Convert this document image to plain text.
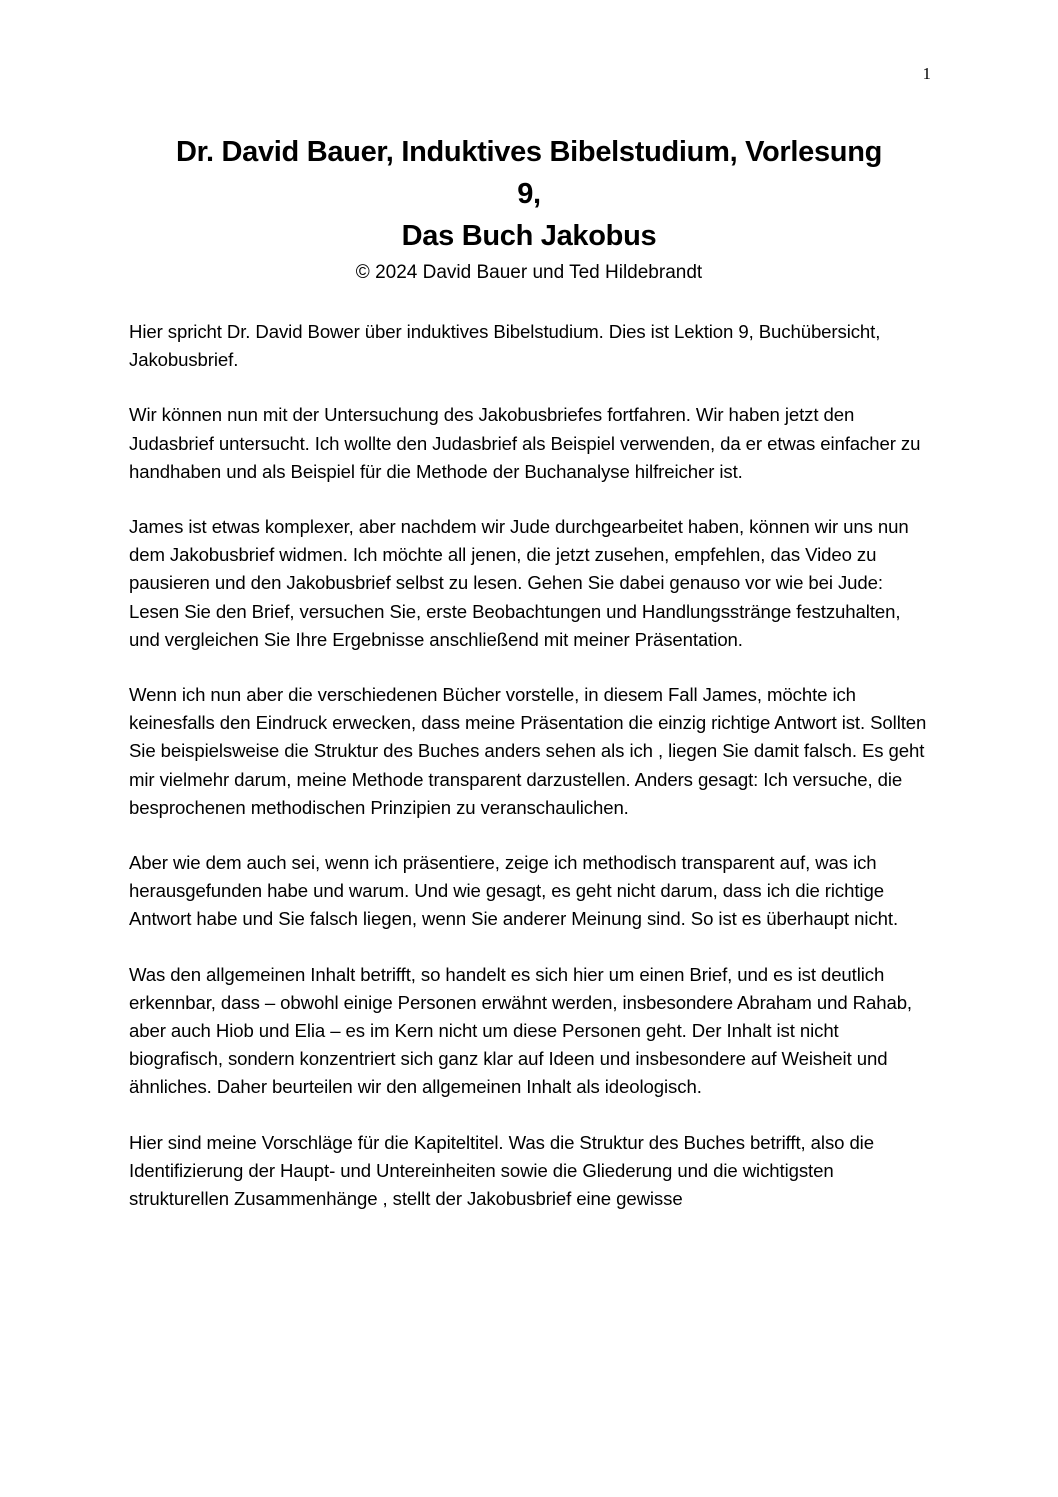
1
Dr. David Bauer, Induktives Bibelstudium, Vorlesung
9,
Das Buch Jakobus
© 2024 David Bauer und Ted Hildebrandt

Hier spricht Dr. David Bower über induktives Bibelstudium. Dies ist Lektion 9, Buchübersicht, Jakobusbrief.

Wir können nun mit der Untersuchung des Jakobusbriefes fortfahren. Wir haben jetzt den Judasbrief untersucht. Ich wollte den Judasbrief als Beispiel verwenden, da er etwas einfacher zu handhaben und als Beispiel für die Methode der Buchanalyse hilfreicher ist.

James ist etwas komplexer, aber nachdem wir Jude durchgearbeitet haben, können wir uns nun dem Jakobusbrief widmen. Ich möchte all jenen, die jetzt zusehen, empfehlen, das Video zu pausieren und den Jakobusbrief selbst zu lesen. Gehen Sie dabei genauso vor wie bei Jude: Lesen Sie den Brief, versuchen Sie, erste Beobachtungen und Handlungsstränge festzuhalten, und vergleichen Sie Ihre Ergebnisse anschließend mit meiner Präsentation.

Wenn ich nun aber die verschiedenen Bücher vorstelle, in diesem Fall James, möchte ich keinesfalls den Eindruck erwecken, dass meine Präsentation die einzig richtige Antwort ist. Sollten Sie beispielsweise die Struktur des Buches anders sehen als ich , liegen Sie damit falsch. Es geht mir vielmehr darum, meine Methode transparent darzustellen. Anders gesagt: Ich versuche, die besprochenen methodischen Prinzipien zu veranschaulichen.

Aber wie dem auch sei, wenn ich präsentiere, zeige ich methodisch transparent auf, was ich herausgefunden habe und warum. Und wie gesagt, es geht nicht darum, dass ich die richtige Antwort habe und Sie falsch liegen, wenn Sie anderer Meinung sind. So ist es überhaupt nicht.

Was den allgemeinen Inhalt betrifft, so handelt es sich hier um einen Brief, und es ist deutlich erkennbar, dass – obwohl einige Personen erwähnt werden, insbesondere Abraham und Rahab, aber auch Hiob und Elia – es im Kern nicht um diese Personen geht. Der Inhalt ist nicht biografisch, sondern konzentriert sich ganz klar auf Ideen und insbesondere auf Weisheit und ähnliches. Daher beurteilen wir den allgemeinen Inhalt als ideologisch.

Hier sind meine Vorschläge für die Kapiteltitel. Was die Struktur des Buches betrifft, also die Identifizierung der Haupt- und Untereinheiten sowie die Gliederung und die wichtigsten strukturellen Zusammenhänge , stellt der Jakobusbrief eine gewisse
